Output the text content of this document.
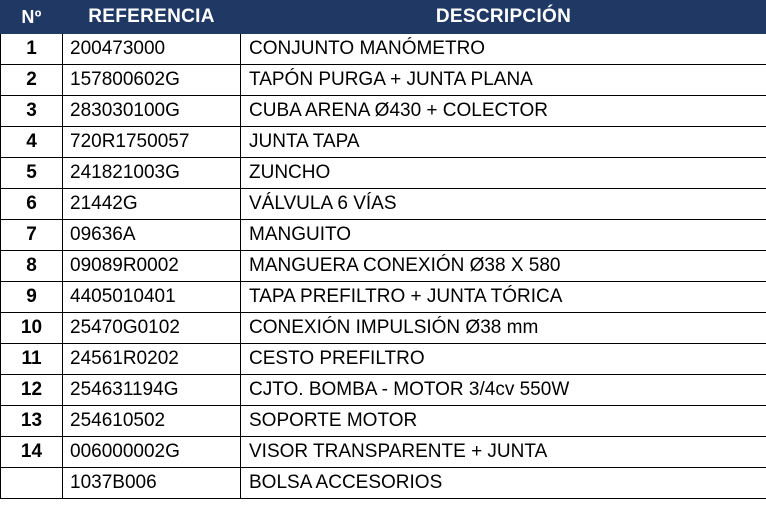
Nº	REFERENCIA	DESCRIPCIÓN
1	200473000	CONJUNTO MANÓMETRO
2	157800602G	TAPÓN PURGA + JUNTA PLANA
3	283030100G	CUBA ARENA Ø430 + COLECTOR
4	720R1750057	JUNTA TAPA
5	241821003G	ZUNCHO
6	21442G	VÁLVULA 6 VÍAS
7	09636A	MANGUITO
8	09089R0002	MANGUERA CONEXIÓN Ø38 X 580
9	4405010401	TAPA PREFILTRO + JUNTA TÓRICA
10	25470G0102	CONEXIÓN IMPULSIÓN Ø38 mm
11	24561R0202	CESTO PREFILTRO
12	254631194G	CJTO. BOMBA - MOTOR 3/4cv 550W
13	254610502	SOPORTE MOTOR
14	006000002G	VISOR TRANSPARENTE + JUNTA
	1037B006	BOLSA ACCESORIOS
